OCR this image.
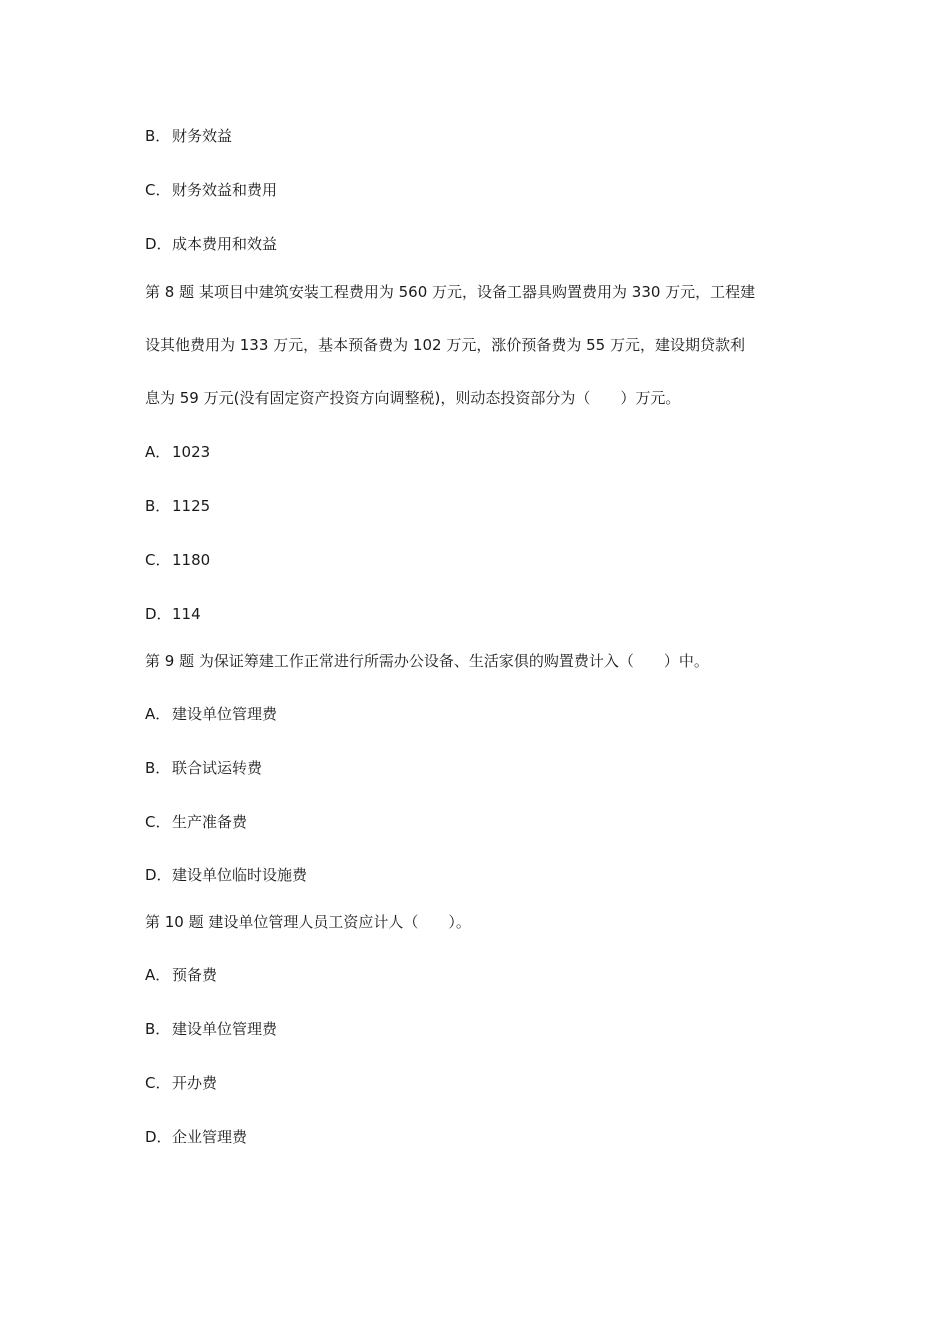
B． 财务效益
C． 财务效益和费用
D．成本费用和效益
第 8 题 某项目中建筑安装工程费用为 560 万元，设备工器具购置费用为 330 万元，工程建
设其他费用为 133 万元，基本预备费为 102 万元，涨价预备费为 55 万元，建设期贷款利
息为 59 万元(没有固定资产投资方向调整税)，则动态投资部分为（　　）万元。
A． 1023
B． 1125
C． 1180
D．114
第 9 题 为保证筹建工作正常进行所需办公设备、生活家俱的购置费计入（　　）中。
A． 建设单位管理费
B． 联合试运转费
C． 生产准备费
D．建设单位临时设施费
第 10 题 建设单位管理人员工资应计人（　　）。
A． 预备费
B． 建设单位管理费
C． 开办费
D．企业管理费
